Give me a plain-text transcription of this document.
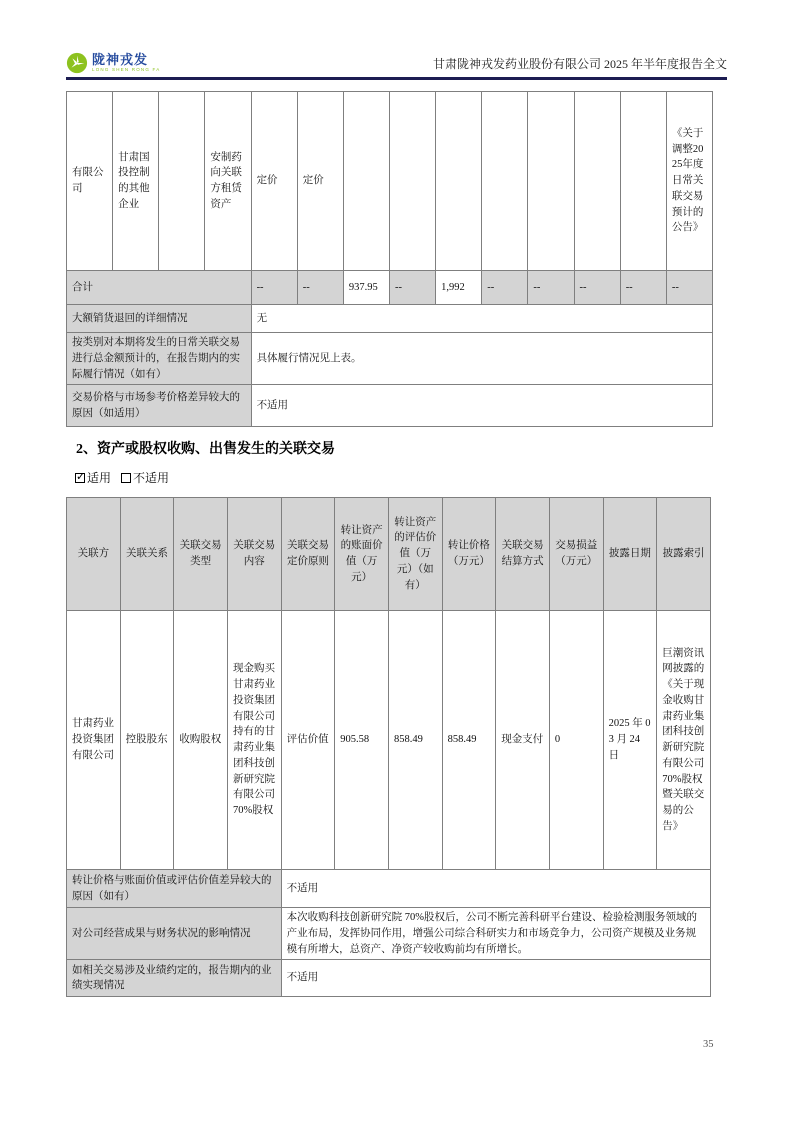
陇神戎发
LONG SHEN RONG FA	甘肃陇神戎发药业股份有限公司 2025 年半年度报告全文
有限公司	甘肃国投控制的其他企业		安制药向关联方租赁资产	定价	定价								《关于调整2025年度日常关联交易预计的公告》
合计				--	--	937.95	--	1,992	--	--	--	--	--
大额销货退回的详细情况				无									
按类别对本期将发生的日常关联交易进行总金额预计的，在报告期内的实际履行情况（如有）				具体履行情况见上表。									
交易价格与市场参考价格差异较大的原因（如适用）				不适用									
2、资产或股权收购、出售发生的关联交易
✓ 适用 不适用
关联方	关联关系	关联交易类型	关联交易内容	关联交易定价原则	转让资产的账面价值（万元）	转让资产的评估价值（万元）（如有）	转让价格（万元）	关联交易结算方式	交易损益（万元）	披露日期	披露索引
甘肃药业投资集团有限公司	控股股东	收购股权	现金购买甘肃药业投资集团有限公司持有的甘肃药业集团科技创新研究院有限公司70%股权	评估价值	905.58	858.49	858.49	现金支付	0	2025 年 03 月 24 日	巨潮资讯网披露的《关于现金收购甘肃药业集团科技创新研究院有限公司70%股权暨关联交易的公告》
转让价格与账面价值或评估价值差异较大的原因（如有）				不适用							
对公司经营成果与财务状况的影响情况				本次收购科技创新研究院 70%股权后，公司不断完善科研平台建设、检验检测服务领域的产业布局，发挥协同作用，增强公司综合科研实力和市场竞争力，公司资产规模及业务规模有所增大，总资产、净资产较收购前均有所增长。							
如相关交易涉及业绩约定的，报告期内的业绩实现情况				不适用							
35
